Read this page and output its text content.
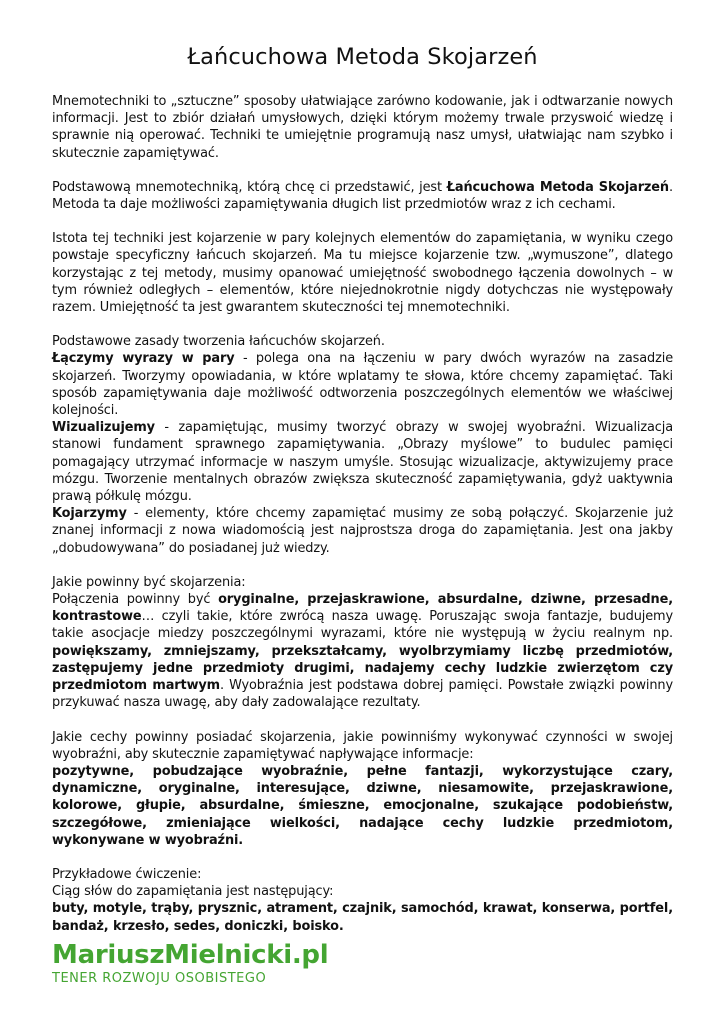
Łańcuchowa Metoda Skojarzeń

Mnemotechniki to „sztuczne” sposoby ułatwiające zarówno kodowanie, jak i odtwarzanie nowych informacji. Jest to zbiór działań umysłowych, dzięki którym możemy trwale przyswoić wiedzę i sprawnie nią operować. Techniki te umiejętnie programują nasz umysł, ułatwiając nam szybko i skutecznie zapamiętywać.

Podstawową mnemotechniką, którą chcę ci przedstawić, jest Łańcuchowa Metoda Skojarzeń. Metoda ta daje możliwości zapamiętywania długich list przedmiotów wraz z ich cechami.

Istota tej techniki jest kojarzenie w pary kolejnych elementów do zapamiętania, w wyniku czego powstaje specyficzny łańcuch skojarzeń. Ma tu miejsce kojarzenie tzw. „wymuszone”, dlatego korzystając z tej metody, musimy opanować umiejętność swobodnego łączenia dowolnych – w tym również odległych – elementów, które niejednokrotnie nigdy dotychczas nie występowały razem. Umiejętność ta jest gwarantem skuteczności tej mnemotechniki.

Podstawowe zasady tworzenia łańcuchów skojarzeń.
Łączymy wyrazy w pary - polega ona na łączeniu w pary dwóch wyrazów na zasadzie skojarzeń. Tworzymy opowiadania, w które wplatamy te słowa, które chcemy zapamiętać. Taki sposób zapamiętywania daje możliwość odtworzenia poszczególnych elementów we właściwej kolejności.
Wizualizujemy - zapamiętując, musimy tworzyć obrazy w swojej wyobraźni. Wizualizacja stanowi fundament sprawnego zapamiętywania. „Obrazy myślowe” to budulec pamięci pomagający utrzymać informacje w naszym umyśle. Stosując wizualizacje, aktywizujemy prace mózgu. Tworzenie mentalnych obrazów zwiększa skuteczność zapamiętywania, gdyż uaktywnia prawą półkulę mózgu.
Kojarzymy - elementy, które chcemy zapamiętać musimy ze sobą połączyć. Skojarzenie już znanej informacji z nowa wiadomością jest najprostsza droga do zapamiętania. Jest ona jakby „dobudowywana” do posiadanej już wiedzy.
Jakie powinny być skojarzenia:
Połączenia powinny być oryginalne, przejaskrawione, absurdalne, dziwne, przesadne, kontrastowe… czyli takie, które zwrócą nasza uwagę. Poruszając swoja fantazje, budujemy takie asocjacje miedzy poszczególnymi wyrazami, które nie występują w życiu realnym np. powiększamy, zmniejszamy, przekształcamy, wyolbrzymiamy liczbę przedmiotów, zastępujemy jedne przedmioty drugimi, nadajemy cechy ludzkie zwierzętom czy przedmiotom martwym. Wyobraźnia jest podstawa dobrej pamięci. Powstałe związki powinny przykuwać nasza uwagę, aby dały zadowalające rezultaty.
Jakie cechy powinny posiadać skojarzenia, jakie powinniśmy wykonywać czynności w swojej wyobraźni, aby skutecznie zapamiętywać napływające informacje:
pozytywne, pobudzające wyobraźnie, pełne fantazji, wykorzystujące czary, dynamiczne, oryginalne, interesujące, dziwne, niesamowite, przejaskrawione, kolorowe, głupie, absurdalne, śmieszne, emocjonalne, szukające podobieństw, szczegółowe, zmieniające wielkości, nadające cechy ludzkie przedmiotom, wykonywane w wyobraźni.
Przykładowe ćwiczenie:
Ciąg słów do zapamiętania jest następujący:
buty, motyle, trąby, prysznic, atrament, czajnik, samochód, krawat, konserwa, portfel, bandaż, krzesło, sedes, doniczki, boisko.
MariuszMielnicki.pl
TENER ROZWOJU OSOBISTEGO
